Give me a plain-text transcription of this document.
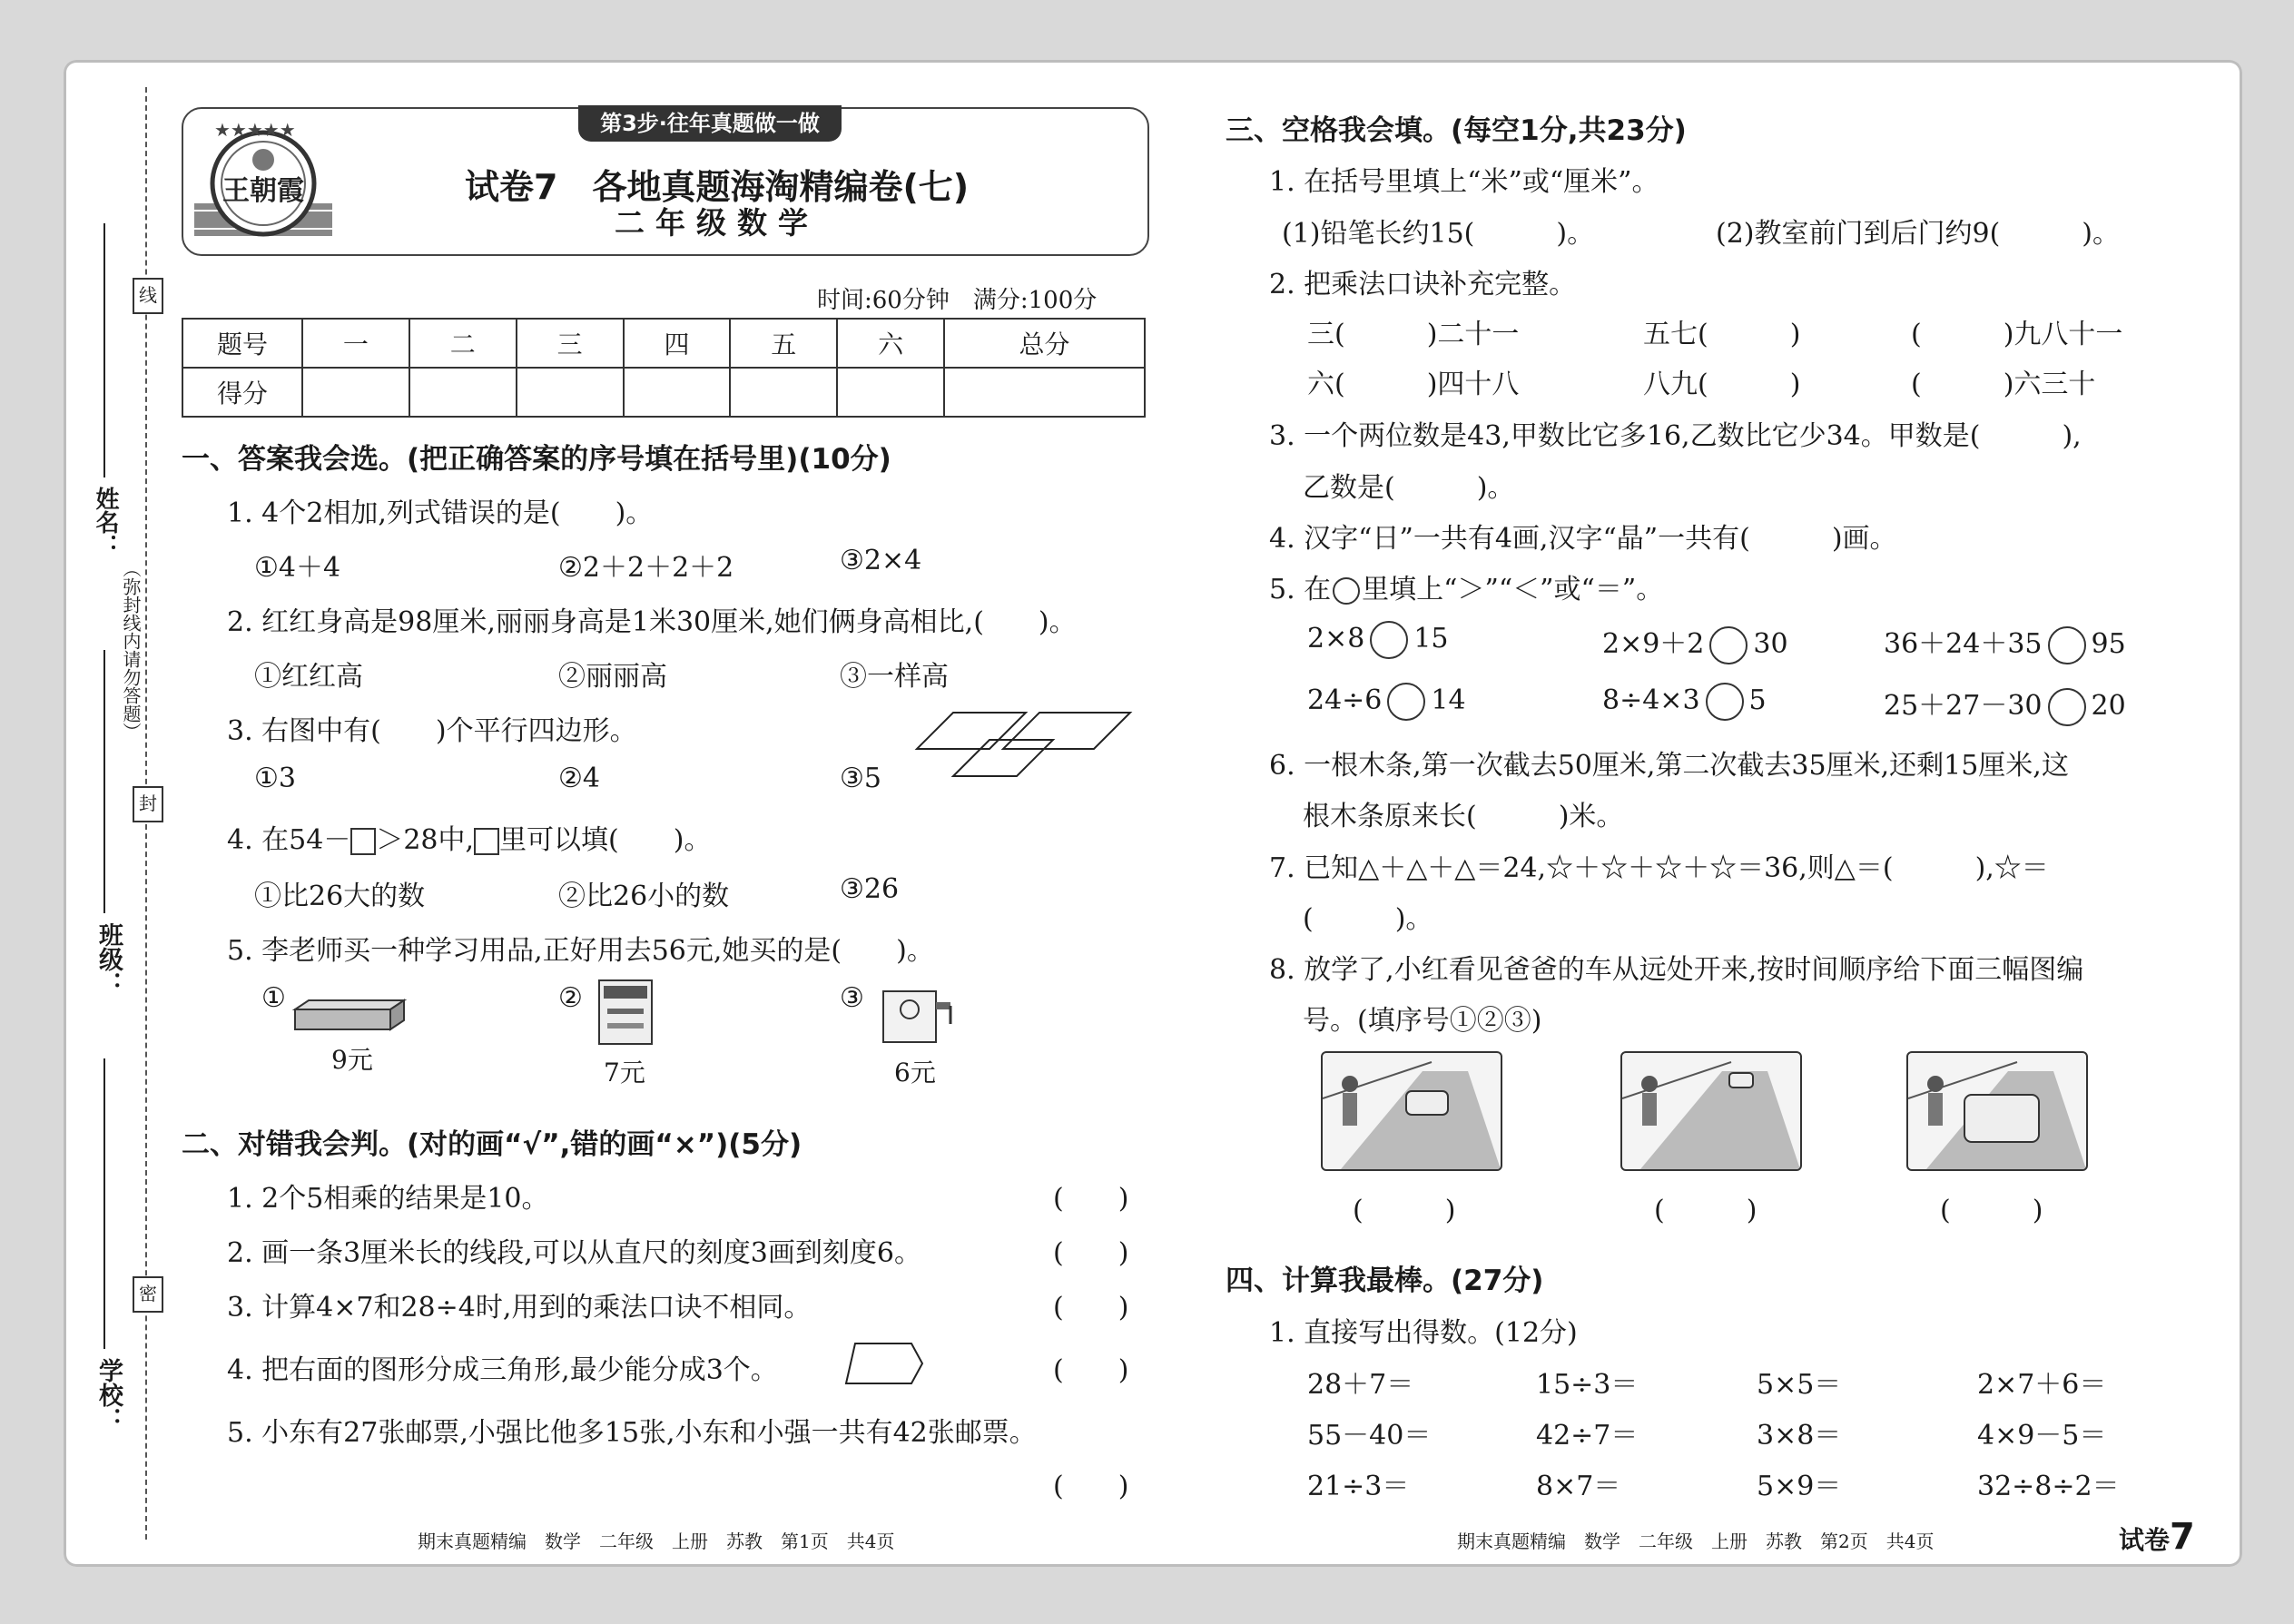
线
封
密
姓名：
班级：
学校：
（弥封线内请勿答题）
第3步·往年真题做一做
★★★★★
王朝霞	试卷7　各地真题海淘精编卷(七)
二年级数学
时间:60分钟　满分:100分
题号	一	二	三	四	五	六	总分
得分							
一、答案我会选。(把正确答案的序号填在括号里)(10分)
1. 4个2相加,列式错误的是(　　)。
①4＋4	②2＋2＋2＋2	③2×4
2. 红红身高是98厘米,丽丽身高是1米30厘米,她们俩身高相比,(　　)。
①红红高	②丽丽高	③一样高
3. 右图中有(　　)个平行四边形。
①3	②4	③5
4. 在54－ ＞28中, 里可以填(　　)。
①比26大的数	②比26小的数	③26
5. 李老师买一种学习用品,正好用去56元,她买的是(　　)。
①
9元
②
7元
③
6元
二、对错我会判。(对的画“√”,错的画“×”)(5分)
1. 2个5相乘的结果是10。	(　　)
2. 画一条3厘米长的线段,可以从直尺的刻度3画到刻度6。	(　　)
3. 计算4×7和28÷4时,用到的乘法口诀不相同。	(　　)
4. 把右面的图形分成三角形,最少能分成3个。	(　　)
5. 小东有27张邮票,小强比他多15张,小东和小强一共有42张邮票。
(　　)
期末真题精编　数学　二年级　上册　苏教　第1页　共4页
三、空格我会填。(每空1分,共23分)
1. 在括号里填上“米”或“厘米”。
(1)铅笔长约15(　　　)。	(2)教室前门到后门约9(　　　)。
2. 把乘法口诀补充完整。
三(　　　)二十一	五七(　　　)	(　　　)九八十一
六(　　　)四十八	八九(　　　)	(　　　)六三十
3. 一个两位数是43,甲数比它多16,乙数比它少34。甲数是(　　　),
乙数是(　　　)。
4. 汉字“日”一共有4画,汉字“晶”一共有(　　　)画。
5. 在 里填上“＞”“＜”或“＝”。
2×8 15	2×9＋2 30	36＋24＋35 95
24÷6 14	8÷4×3 5	25＋27－30 20
6. 一根木条,第一次截去50厘米,第二次截去35厘米,还剩15厘米,这
根木条原来长(　　　)米。
7. 已知△＋△＋△＝24,☆＋☆＋☆＋☆＝36,则△＝(　　　),☆＝
(　　　)。
8. 放学了,小红看见爸爸的车从远处开来,按时间顺序给下面三幅图编
号。(填序号①②③)
(　　　)	(　　　)	(　　　)
四、计算我最棒。(27分)
1. 直接写出得数。(12分)
28＋7＝	15÷3＝	5×5＝	2×7＋6＝
55－40＝	42÷7＝	3×8＝	4×9－5＝
21÷3＝	8×7＝	5×9＝	32÷8÷2＝
期末真题精编　数学　二年级　上册　苏教　第2页　共4页	试卷7
